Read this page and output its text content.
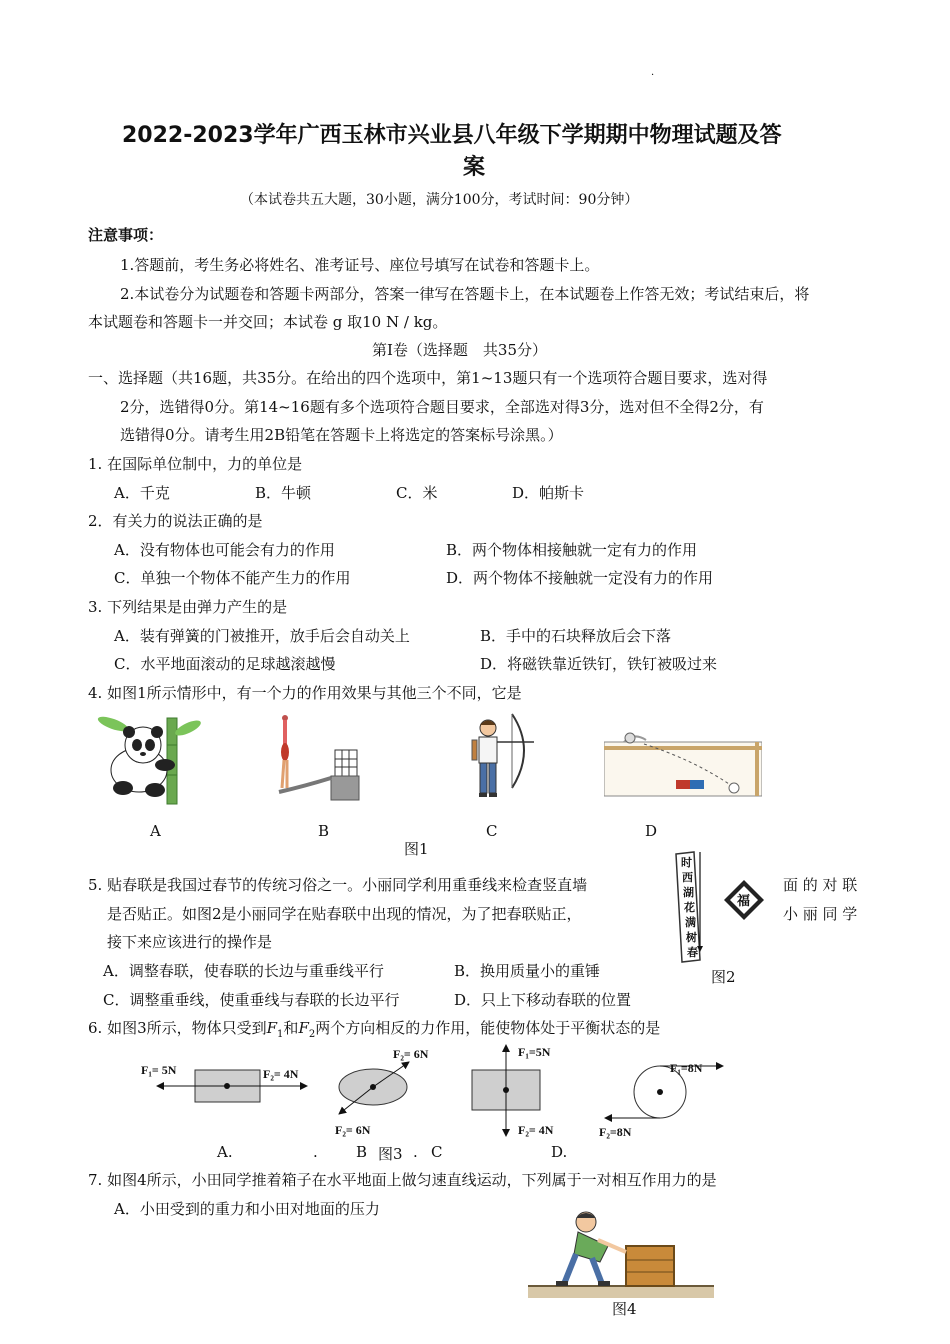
·
2022-2023学年广西玉林市兴业县八年级下学期期中物理试题及答
案
（本试卷共五大题，30小题，满分100分，考试时间：90分钟）
注意事项：
1.答题前，考生务必将姓名、准考证号、座位号填写在试卷和答题卡上。
2.本试卷分为试题卷和答题卡两部分，答案一律写在答题卡上，在本试题卷上作答无效；考试结束后，将
本试题卷和答题卡一并交回；本试卷 g 取10 N / kg。
第Ⅰ卷（选择题　共35分）
一、选择题（共16题，共35分。在给出的四个选项中，第1~13题只有一个选项符合题目要求，选对得
2分，选错得0分。第14~16题有多个选项符合题目要求，全部选对得3分，选对但不全得2分，有
选错得0分。请考生用2B铅笔在答题卡上将选定的答案标号涂黑。）
1. 在国际单位制中，力的单位是
A．千克	B．牛顿	C．米	D．帕斯卡
2．有关力的说法正确的是
A．没有物体也可能会有力的作用	B．两个物体相接触就一定有力的作用
C．单独一个物体不能产生力的作用	D．两个物体不接触就一定没有力的作用
3. 下列结果是由弹力产生的是
A．装有弹簧的门被推开，放手后会自动关上	B．手中的石块释放后会下落
C．水平地面滚动的足球越滚越慢	D．将磁铁靠近铁钉，铁钉被吸过来
4. 如图1所示情形中，有一个力的作用效果与其他三个不同，它是
A	B	C	D
图1
5. 贴春联是我国过春节的传统习俗之一。小丽同学利用重垂线来检查竖直墙	面 的 对 联
是否贴正。如图2是小丽同学在贴春联中出现的情况，为了把春联贴正，	小 丽 同 学
接下来应该进行的操作是
A．调整春联，使春联的长边与重垂线平行	B．换用质量小的重锤
C．调整重垂线，使重垂线与春联的长边平行	D．只上下移动春联的位置
时
西
湖
花
满
树
春
福
图2
6. 如图3所示，物体只受到$F_1$和$F_2$两个方向相反的力作用，能使物体处于平衡状态的是
F₁= 5N	F₂= 4N
F₂= 6N
F₂= 6N
F₁=5N
F₂= 4N
F₁=8N
F₂=8N
A.	.	B 图3 . C	D.
7. 如图4所示，小田同学推着箱子在水平地面上做匀速直线运动，下列属于一对相互作用力的是
A．小田受到的重力和小田对地面的压力
图4
